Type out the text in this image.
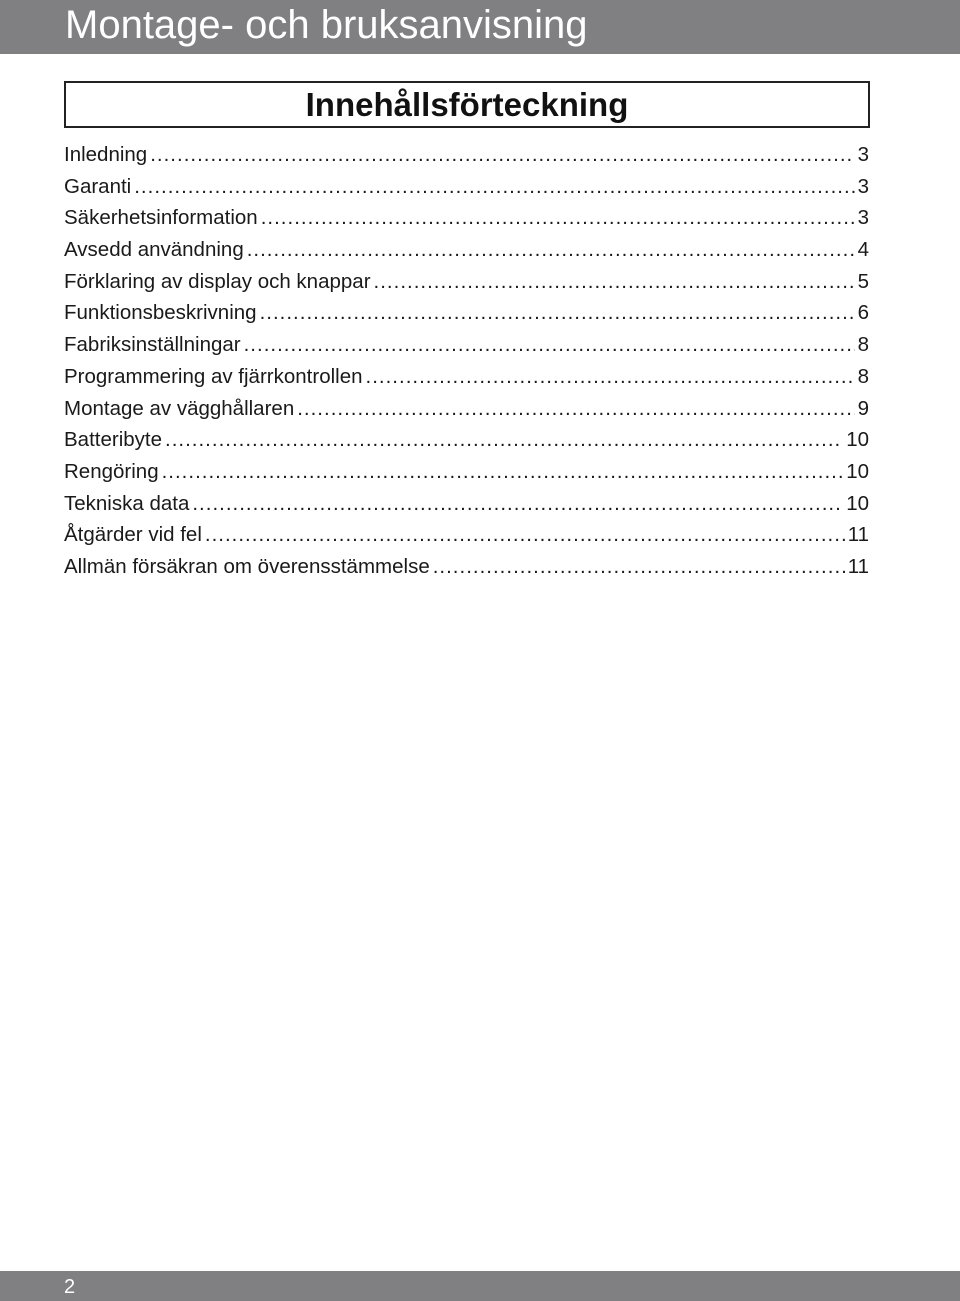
Montage- och bruksanvisning
Innehållsförteckning
Inledning .....	3
Garanti .....	3
Säkerhetsinformation .....	3
Avsedd användning .....	4
Förklaring av display och knappar .....	5
Funktionsbeskrivning .....	6
Fabriksinställningar .....	8
Programmering av fjärrkontrollen .....	8
Montage av vägghållaren .....	9
Batteribyte .....	10
Rengöring .....	10
Tekniska data .....	10
Åtgärder vid fel .....	11
Allmän försäkran om överensstämmelse .....	11
2
